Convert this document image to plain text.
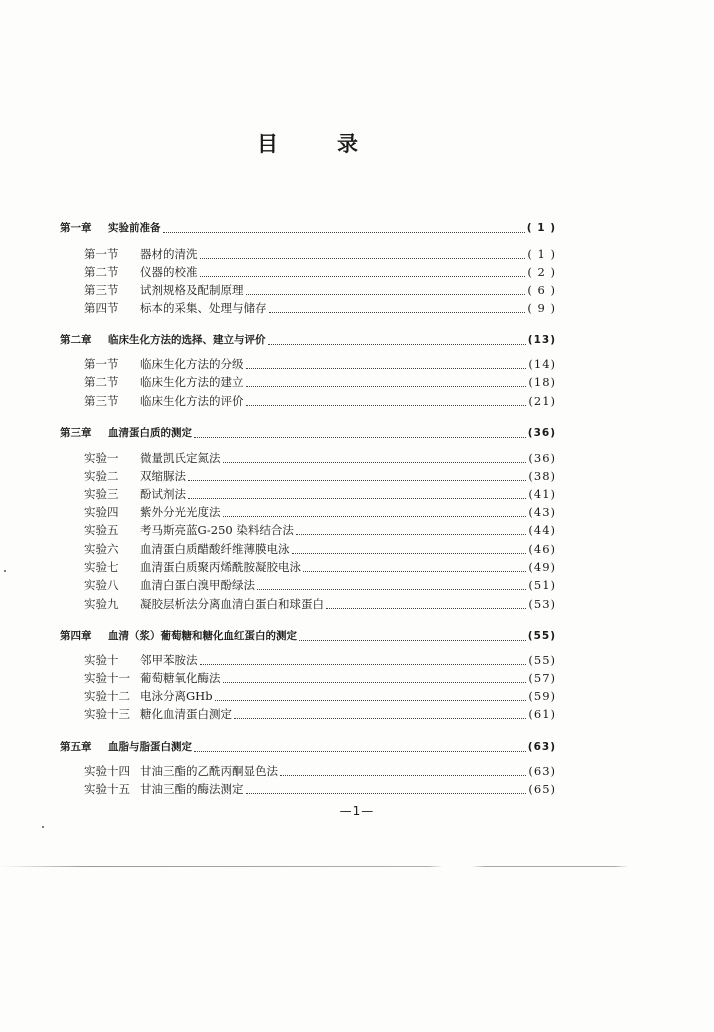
目	录
第一章	实验前准备	( 1 )
第一节	器材的清洗	( 1 )
第二节	仪器的校准	( 2 )
第三节	试剂规格及配制原理	( 6 )
第四节	标本的采集、处理与储存	( 9 )
第二章	临床生化方法的选择、建立与评价	(13)
第一节	临床生化方法的分级	(14)
第二节	临床生化方法的建立	(18)
第三节	临床生化方法的评价	(21)
第三章	血清蛋白质的测定	(36)
实验一	微量凯氏定氮法	(36)
实验二	双缩脲法	(38)
实验三	酚试剂法	(41)
实验四	紫外分光光度法	(43)
实验五	考马斯亮蓝G-250 染料结合法	(44)
实验六	血清蛋白质醋酸纤维薄膜电泳	(46)
实验七	血清蛋白质聚丙烯酰胺凝胶电泳	(49)
实验八	血清白蛋白溴甲酚绿法	(51)
实验九	凝胶层析法分离血清白蛋白和球蛋白	(53)
第四章	血清（浆）葡萄糖和糖化血红蛋白的测定	(55)
实验十	邻甲苯胺法	(55)
实验十一 葡萄糖氧化酶法	(57)
实验十二 电泳分离GHb	(59)
实验十三 糖化血清蛋白测定	(61)
第五章	血脂与脂蛋白测定	(63)
实验十四 甘油三酯的乙酰丙酮显色法	(63)
实验十五 甘油三酯的酶法测定	(65)
—1—
